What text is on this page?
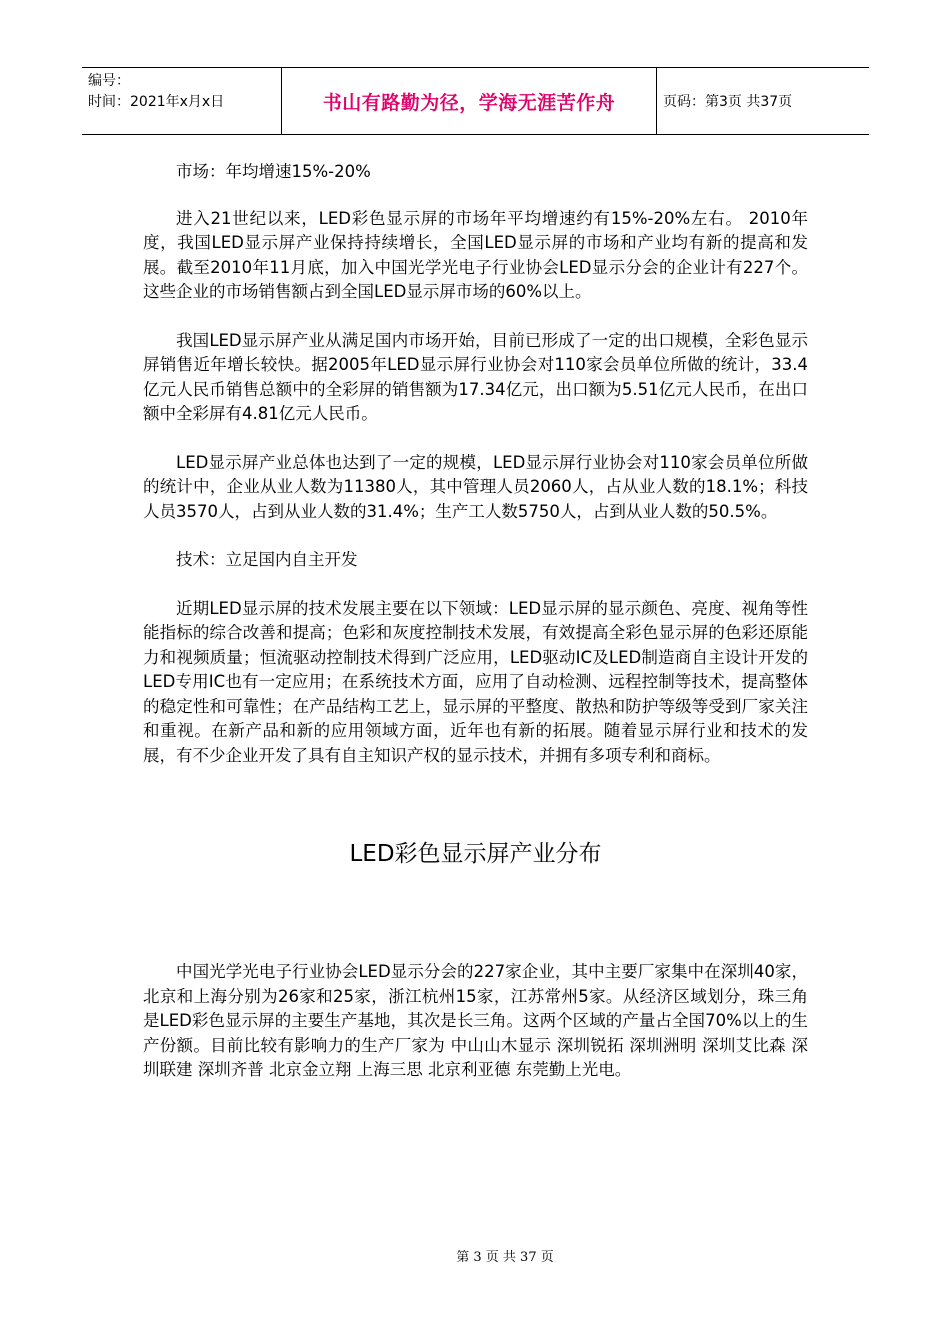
编号：
时间：2021年x月x日	书山有路勤为径，学海无涯苦作舟	页码：第3页 共37页

市场：年均增速15%-20%

进入21世纪以来，LED彩色显示屏的市场年平均增速约有15%-20%左右。 2010年度，我国LED显示屏产业保持持续增长，全国LED显示屏的市场和产业均有新的提高和发展。截至2010年11月底，加入中国光学光电子行业协会LED显示分会的企业计有227个。这些企业的市场销售额占到全国LED显示屏市场的60%以上。

我国LED显示屏产业从满足国内市场开始，目前已形成了一定的出口规模，全彩色显示屏销售近年增长较快。据2005年LED显示屏行业协会对110家会员单位所做的统计，33.4亿元人民币销售总额中的全彩屏的销售额为17.34亿元，出口额为5.51亿元人民币，在出口额中全彩屏有4.81亿元人民币。

LED显示屏产业总体也达到了一定的规模，LED显示屏行业协会对110家会员单位所做的统计中，企业从业人数为11380人，其中管理人员2060人，占从业人数的18.1%；科技人员3570人，占到从业人数的31.4%；生产工人数5750人，占到从业人数的50.5%。

技术：立足国内自主开发

近期LED显示屏的技术发展主要在以下领域：LED显示屏的显示颜色、亮度、视角等性能指标的综合改善和提高；色彩和灰度控制技术发展，有效提高全彩色显示屏的色彩还原能力和视频质量；恒流驱动控制技术得到广泛应用，LED驱动IC及LED制造商自主设计开发的LED专用IC也有一定应用；在系统技术方面，应用了自动检测、远程控制等技术，提高整体的稳定性和可靠性；在产品结构工艺上，显示屏的平整度、散热和防护等级等受到厂家关注和重视。在新产品和新的应用领域方面，近年也有新的拓展。随着显示屏行业和技术的发展，有不少企业开发了具有自主知识产权的显示技术，并拥有多项专利和商标。

LED彩色显示屏产业分布

中国光学光电子行业协会LED显示分会的227家企业，其中主要厂家集中在深圳40家，北京和上海分别为26家和25家，浙江杭州15家，江苏常州5家。从经济区域划分，珠三角是LED彩色显示屏的主要生产基地，其次是长三角。这两个区域的产量占全国70%以上的生产份额。目前比较有影响力的生产厂家为 中山山木显示 深圳锐拓 深圳洲明 深圳艾比森 深圳联建 深圳齐普 北京金立翔 上海三思 北京利亚德 东莞勤上光电。

第 3 页 共 37 页
